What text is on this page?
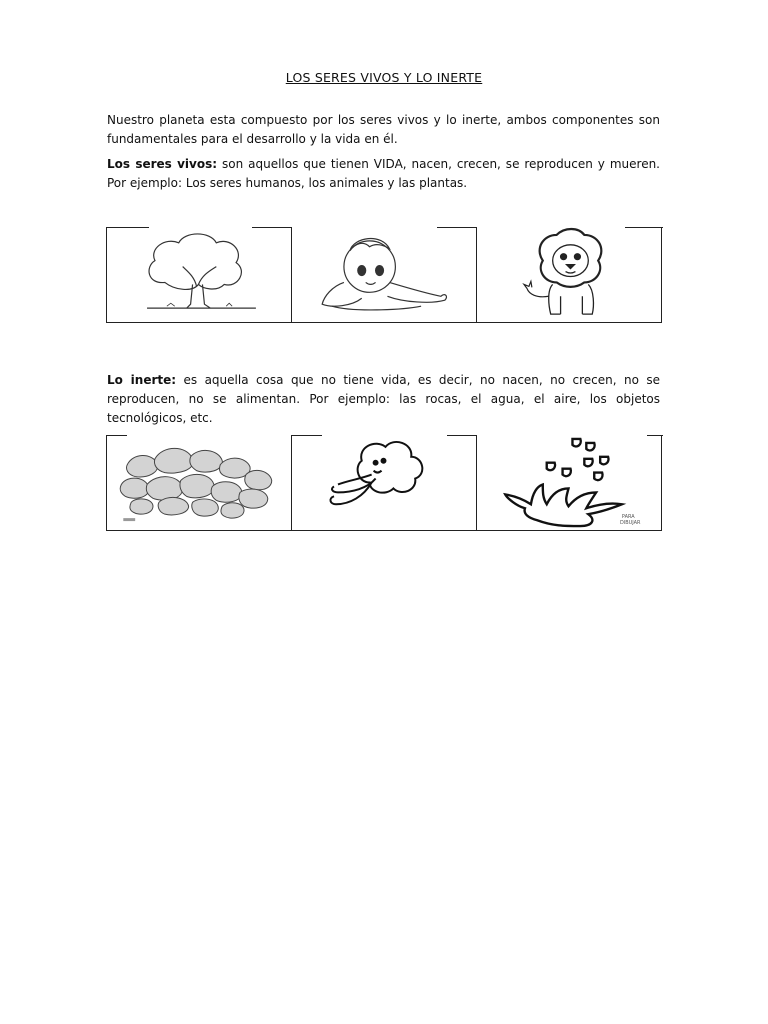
LOS SERES VIVOS Y LO INERTE
Nuestro planeta esta compuesto por los seres vivos y lo inerte, ambos componentes son fundamentales para el desarrollo y la vida en él.
Los seres vivos: son aquellos que tienen VIDA, nacen, crecen, se reproducen y mueren. Por ejemplo: Los seres humanos, los animales y las plantas.
Lo inerte: es aquella cosa que no tiene vida, es decir, no nacen, no crecen, no se reproducen, no se alimentan. Por ejemplo: las rocas, el agua, el aire, los objetos tecnológicos, etc.
PARA
DIBUJAR
